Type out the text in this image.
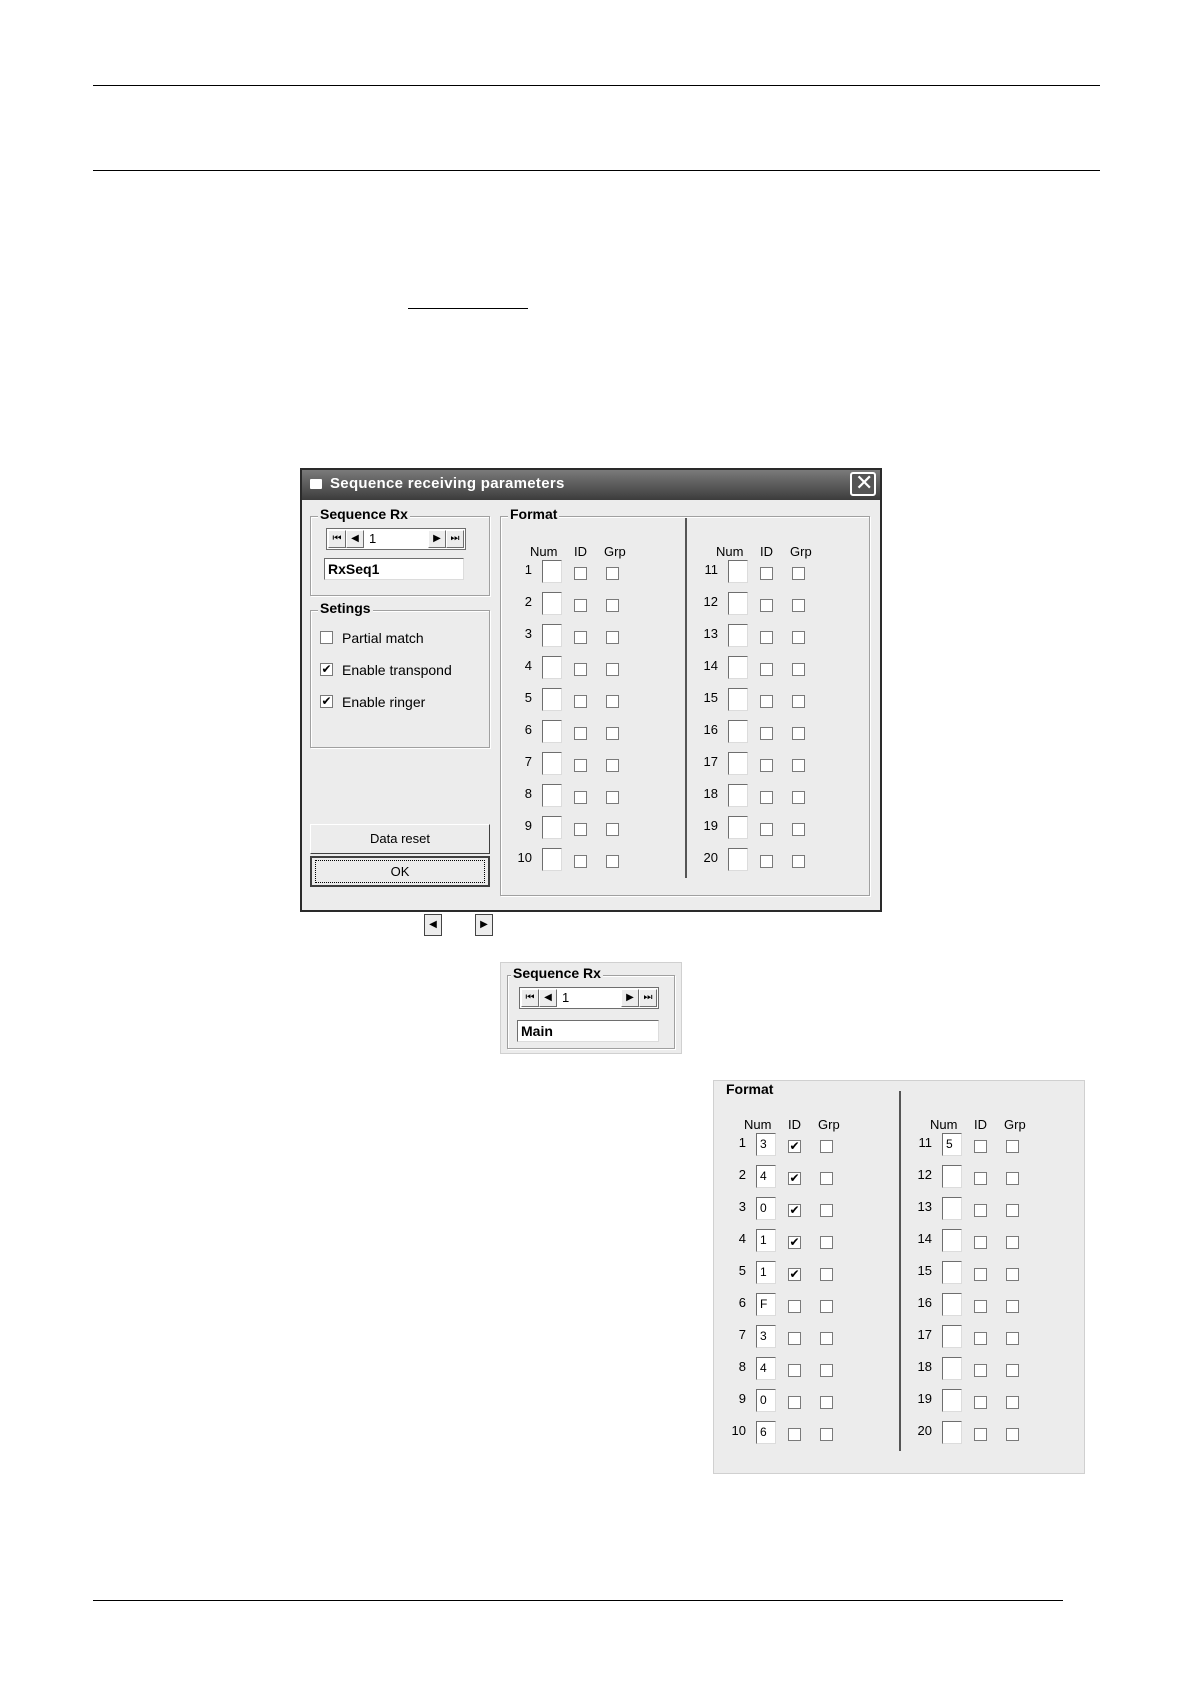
Sequence receiving parameters	✕
Sequence Rx
⏮ ◀ 1	▶ ⏭
RxSeq1
Setings
Partial match
✔ Enable transpond
✔ Enable ringer
Data reset
OK
Format
Num ID Grp
1
2
3
4
5
6
7
8
9
10
Num ID Grp
11
12
13
14
15
16
17
18
19
20
◀	▶
Sequence Rx
⏮ ◀ 1	▶ ⏭
Main
Format
Num ID Grp
1	3	✔
2	4	✔
3	0	✔
4	1	✔
5	1	✔
6	F
7	3
8	4
9	0
10	6
Num ID Grp
11	5
12
13
14
15
16
17
18
19
20
